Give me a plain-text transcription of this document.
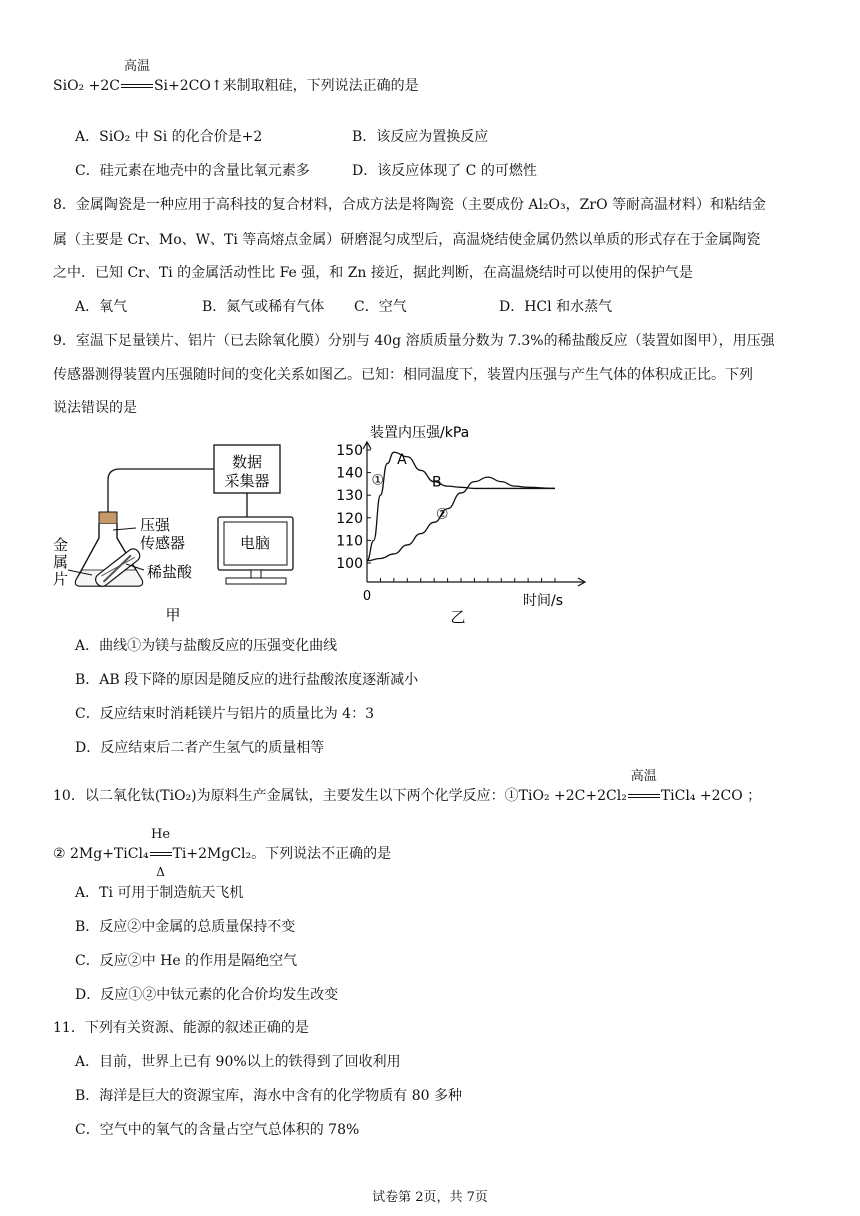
SiO₂ +2C
高温
Si+2CO↑来制取粗硅，下列说法正确的是
A．SiO₂ 中 Si 的化合价是+2	B．该反应为置换反应
C．硅元素在地壳中的含量比氧元素多	D．该反应体现了 C 的可燃性
8．金属陶瓷是一种应用于高科技的复合材料，合成方法是将陶瓷（主要成份 Al₂O₃，ZrO 等耐高温材料）和粘结金
属（主要是 Cr、Mo、W、Ti 等高熔点金属）研磨混匀成型后，高温烧结使金属仍然以单质的形式存在于金属陶瓷
之中．已知 Cr、Ti 的金属活动性比 Fe 强，和 Zn 接近，据此判断，在高温烧结时可以使用的保护气是
A．氧气	B．氮气或稀有气体 C．空气	D．HCl 和水蒸气
9．室温下足量镁片、铝片（已去除氧化膜）分别与 40g 溶质质量分数为 7.3%的稀盐酸反应（装置如图甲），用压强
传感器测得装置内压强随时间的变化关系如图乙。已知：相同温度下，装置内压强与产生气体的体积成正比。下列
说法错误的是
数据
采集器
电脑
压强
传感器
稀盐酸
金
属
片
甲
装置内压强/kPa
时间/s
0
乙
100
110
120
130
140
150
A
B
①
②
A．曲线①为镁与盐酸反应的压强变化曲线
B．AB 段下降的原因是随反应的进行盐酸浓度逐渐减小
C．反应结束时消耗镁片与铝片的质量比为 4：3
D．反应结束后二者产生氢气的质量相等
10．以二氧化钛(TiO₂)为原料生产金属钛，主要发生以下两个化学反应：①TiO₂ +2C+2Cl₂
高温
TiCl₄ +2CO ；
② 2Mg+TiCl₄ $\frac{He}{\Delta}$ Ti+2MgCl₂。下列说法不正确的是
A．Ti 可用于制造航天飞机
B．反应②中金属的总质量保持不变
C．反应②中 He 的作用是隔绝空气
D．反应①②中钛元素的化合价均发生改变
11．下列有关资源、能源的叙述正确的是
A．目前，世界上已有 90%以上的铁得到了回收利用
B．海洋是巨大的资源宝库，海水中含有的化学物质有 80 多种
C．空气中的氧气的含量占空气总体积的 78%
试卷第 2页，共 7页
